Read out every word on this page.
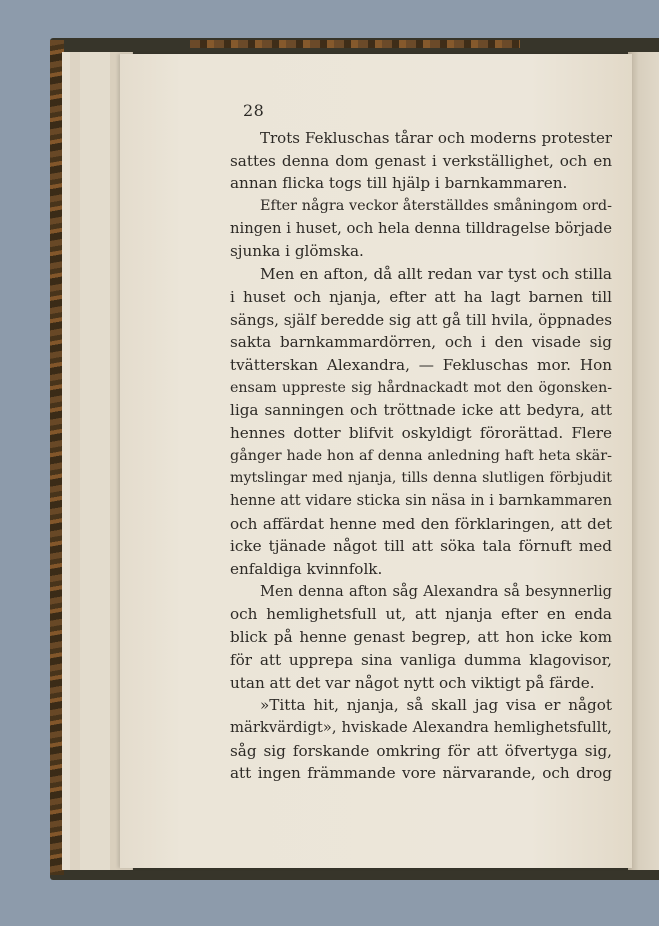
28
Trots Fekluschas tårar och moderns protester
sattes denna dom genast i verkställighet, och en
annan flicka togs till hjälp i barnkammaren.
Efter några veckor återställdes småningom ord-
ningen i huset, och hela denna tilldragelse började
sjunka i glömska.
Men en afton, då allt redan var tyst och stilla
i huset och njanja, efter att ha lagt barnen till
sängs, själf beredde sig att gå till hvila, öppnades
sakta barnkammardörren, och i den visade sig
tvätterskan Alexandra, — Fekluschas mor. Hon
ensam uppreste sig hårdnackadt mot den ögonsken-
liga sanningen och tröttnade icke att bedyra, att
hennes dotter blifvit oskyldigt förorättad. Flere
gånger hade hon af denna anledning haft heta skär-
mytslingar med njanja, tills denna slutligen förbjudit
henne att vidare sticka sin näsa in i barnkammaren
och affärdat henne med den förklaringen, att det
icke tjänade något till att söka tala förnuft med
enfaldiga kvinnfolk.
Men denna afton såg Alexandra så besynnerlig
och hemlighetsfull ut, att njanja efter en enda
blick på henne genast begrep, att hon icke kom
för att upprepa sina vanliga dumma klagovisor,
utan att det var något nytt och viktigt på färde.
»Titta hit, njanja, så skall jag visa er något
märkvärdigt», hviskade Alexandra hemlighetsfullt,
såg sig forskande omkring för att öfvertyga sig,
att ingen främmande vore närvarande, och drog
